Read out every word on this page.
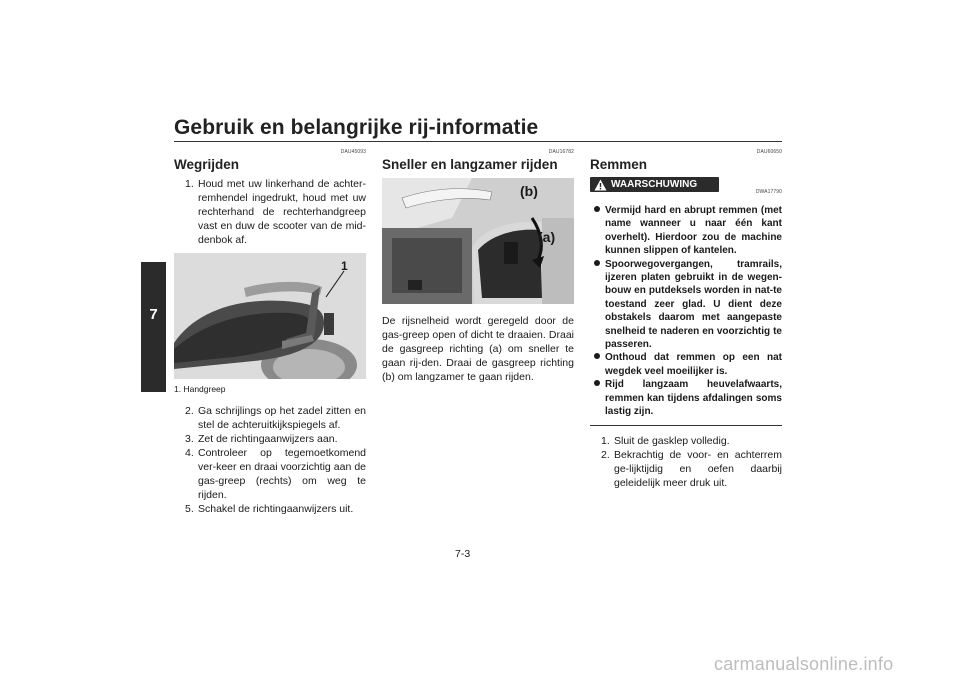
Gebruik en belangrijke rij-informatie
7
DAU45093
Wegrijden
1. Houd met uw linkerhand de achter-remhendel ingedrukt, houd met uw rechterhand de rechterhandgreep vast en duw de scooter van de mid-denbok af.
1
1. Handgreep
2. Ga schrijlings op het zadel zitten en stel de achteruitkijkspiegels af.
3. Zet de richtingaanwijzers aan.
4. Controleer op tegemoetkomend ver-keer en draai voorzichtig aan de gas-greep (rechts) om weg te rijden.
5. Schakel de richtingaanwijzers uit.
DAU16782
Sneller en langzamer rijden
(b)
(a)

De rijsnelheid wordt geregeld door de gas-greep open of dicht te draaien. Draai de gasgreep richting (a) om sneller te gaan rij-den. Draai de gasgreep richting (b) om langzamer te gaan rijden.

DAU60650
Remmen
WAARSCHUWING
DWA17790
Vermijd hard en abrupt remmen (met name wanneer u naar één kant overhelt). Hierdoor zou de machine kunnen slippen of kantelen.
Spoorwegovergangen, tramrails, ijzeren platen gebruikt in de wegen-bouw en putdeksels worden in nat-te toestand zeer glad. U dient deze obstakels daarom met aangepaste snelheid te naderen en voorzichtig te passeren.
Onthoud dat remmen op een nat wegdek veel moeilijker is.
Rijd langzaam heuvelafwaarts, remmen kan tijdens afdalingen soms lastig zijn.
1. Sluit de gasklep volledig.
2. Bekrachtig de voor- en achterrem ge-lijktijdig en oefen daarbij geleidelijk meer druk uit.
7-3
carmanualsonline.info
